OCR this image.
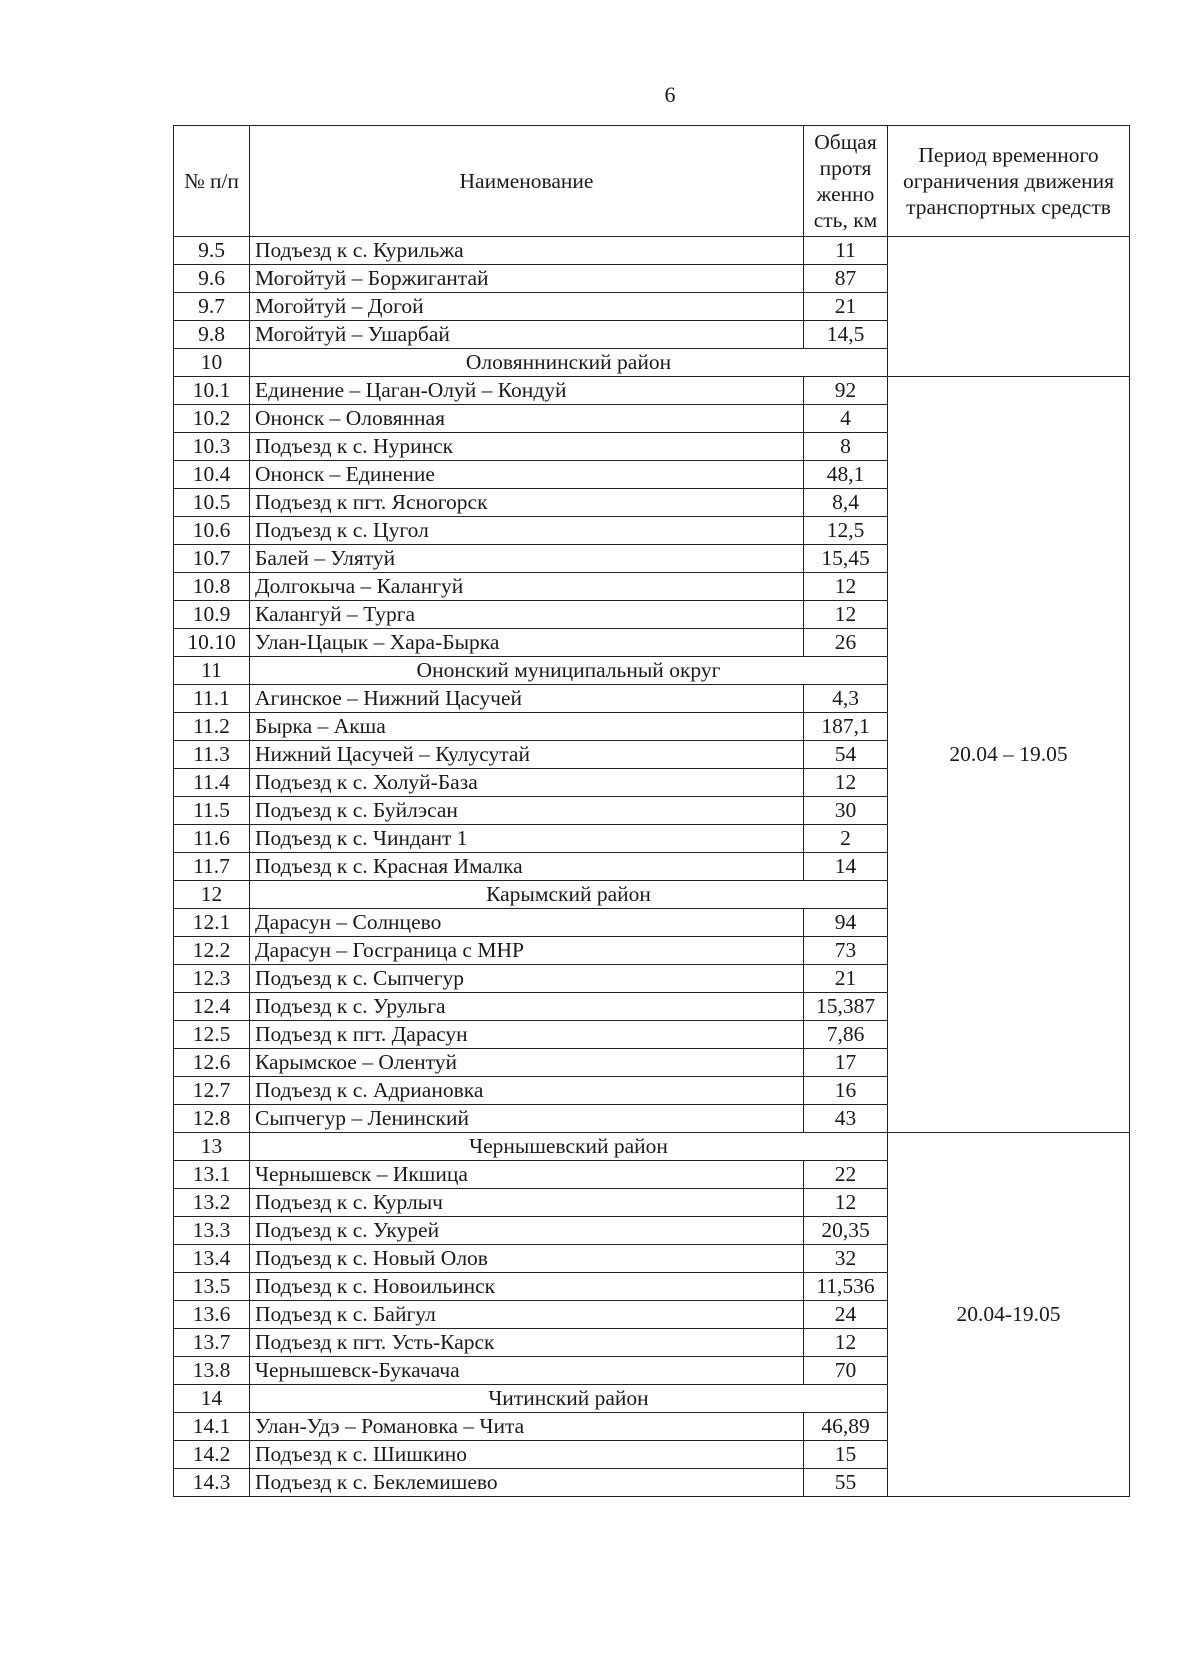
6
№ п/п	Наименование	Общая протя женно сть, км	Период временного ограничения движения транспортных средств
9.5	Подъезд к с. Курильжа	11	
9.6	Могойтуй – Боржигантай	87	
9.7	Могойтуй – Догой	21	
9.8	Могойтуй – Ушарбай	14,5	
10	Оловяннинский район		
10.1	Единение – Цаган-Олуй – Кондуй	92	20.04 – 19.05
10.2	Ононск – Оловянная	4	
10.3	Подъезд к с. Нуринск	8	
10.4	Ононск – Единение	48,1	
10.5	Подъезд к пгт. Ясногорск	8,4	
10.6	Подъезд к с. Цугол	12,5	
10.7	Балей – Улятуй	15,45	
10.8	Долгокыча – Калангуй	12	
10.9	Калангуй – Турга	12	
10.10	Улан-Цацык – Хара-Бырка	26	
11	Ононский муниципальный округ		
11.1	Агинское – Нижний Цасучей	4,3	
11.2	Бырка – Акша	187,1	
11.3	Нижний Цасучей – Кулусутай	54	
11.4	Подъезд к с. Холуй-База	12	
11.5	Подъезд к с. Буйлэсан	30	
11.6	Подъезд к с. Чиндант 1	2	
11.7	Подъезд к с. Красная Ималка	14	
12	Карымский район		
12.1	Дарасун – Солнцево	94	
12.2	Дарасун – Госграница с МНР	73	
12.3	Подъезд к с. Сыпчегур	21	
12.4	Подъезд к с. Урульга	15,387	
12.5	Подъезд к пгт. Дарасун	7,86	
12.6	Карымское – Олентуй	17	
12.7	Подъезд к с. Адриановка	16	
12.8	Сыпчегур – Ленинский	43	
13	Чернышевский район		20.04-19.05
13.1	Чернышевск – Икшица	22	
13.2	Подъезд к с. Курлыч	12	
13.3	Подъезд к с. Укурей	20,35	
13.4	Подъезд к с. Новый Олов	32	
13.5	Подъезд к с. Новоильинск	11,536	
13.6	Подъезд к с. Байгул	24	
13.7	Подъезд к пгт. Усть-Карск	12	
13.8	Чернышевск-Букачача	70	
14	Читинский район		
14.1	Улан-Удэ – Романовка – Чита	46,89	
14.2	Подъезд к с. Шишкино	15	
14.3	Подъезд к с. Беклемишево	55	
